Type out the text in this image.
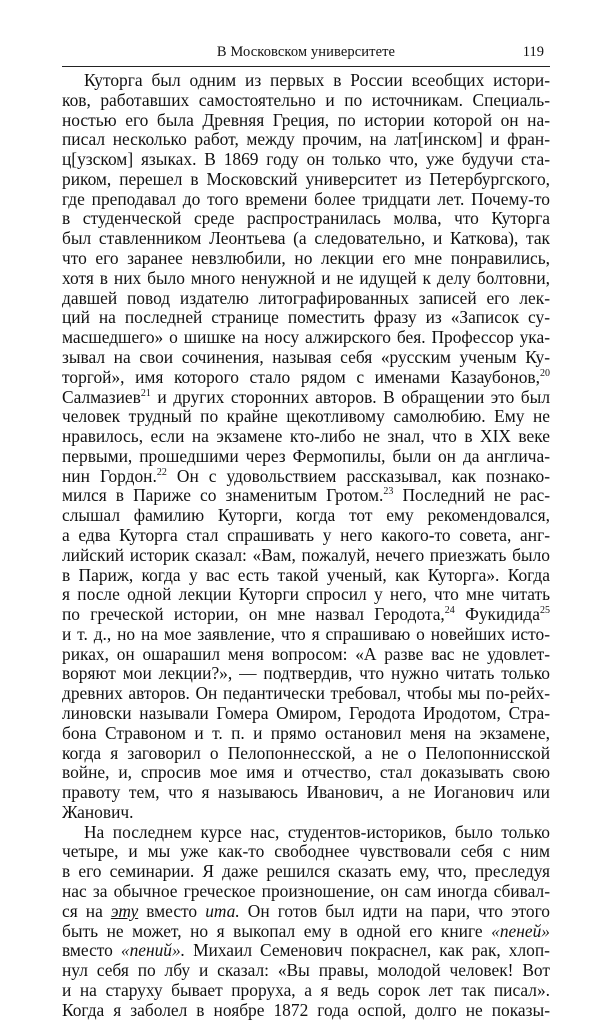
В Московском университете	119
Куторга был одним из первых в России всеобщих истори-
ков, работавших самостоятельно и по источникам. Специаль-
ностью его была Древняя Греция, по истории которой он на-
писал несколько работ, между прочим, на лат[инском] и фран-
ц[узском] языках. В 1869 году он только что, уже будучи ста-
риком, перешел в Московский университет из Петербургского,
где преподавал до того времени более тридцати лет. Почему-то
в студенческой среде распространилась молва, что Куторга
был ставленником Леонтьева (а следовательно, и Каткова), так
что его заранее невзлюбили, но лекции его мне понравились,
хотя в них было много ненужной и не идущей к делу болтовни,
давшей повод издателю литографированных записей его лек-
ций на последней странице поместить фразу из «Записок су-
масшедшего» о шишке на носу алжирского бея. Профессор ука-
зывал на свои сочинения, называя себя «русским ученым Ку-
торгой», имя которого стало рядом с именами Казаубонов,$^{20}$
Салмазиев$^{21}$ и других сторонних авторов. В обращении это был
человек трудный по крайне щекотливому самолюбию. Ему не
нравилось, если на экзамене кто-либо не знал, что в XIX веке
первыми, прошедшими через Фермопилы, были он да англича-
нин Гордон.$^{22}$ Он с удовольствием рассказывал, как познако-
мился в Париже со знаменитым Гротом.$^{23}$ Последний не рас-
слышал фамилию Куторги, когда тот ему рекомендовался,
а едва Куторга стал спрашивать у него какого-то совета, анг-
лийский историк сказал: «Вам, пожалуй, нечего приезжать было
в Париж, когда у вас есть такой ученый, как Куторга». Когда
я после одной лекции Куторги спросил у него, что мне читать
по греческой истории, он мне назвал Геродота,$^{24}$ Фукидида$^{25}$
и т. д., но на мое заявление, что я спрашиваю о новейших исто-
риках, он ошарашил меня вопросом: «А разве вас не удовлет-
воряют мои лекции?», — подтвердив, что нужно читать только
древних авторов. Он педантически требовал, чтобы мы по-рейх-
линовски называли Гомера Омиром, Геродота Иродотом, Стра-
бона Стравоном и т. п. и прямо остановил меня на экзамене,
когда я заговорил о Пелопоннесской, а не о Пелопоннисской
войне, и, спросив мое имя и отчество, стал доказывать свою
правоту тем, что я называюсь Иванович, а не Иоганович или
Жанович.
На последнем курсе нас, студентов-историков, было только
четыре, и мы уже как-то свободнее чувствовали себя с ним
в его семинарии. Я даже решился сказать ему, что, преследуя
нас за обычное греческое произношение, он сам иногда сбивал-
ся на эту вместо ита. Он готов был идти на пари, что этого
быть не может, но я выкопал ему в одной его книге «пеней»
вместо «пений». Михаил Семенович покраснел, как рак, хлоп-
нул себя по лбу и сказал: «Вы правы, молодой человек! Вот
и на старуху бывает проруха, а я ведь сорок лет так писал».
Когда я заболел в ноябре 1872 года оспой, долго не показы-
